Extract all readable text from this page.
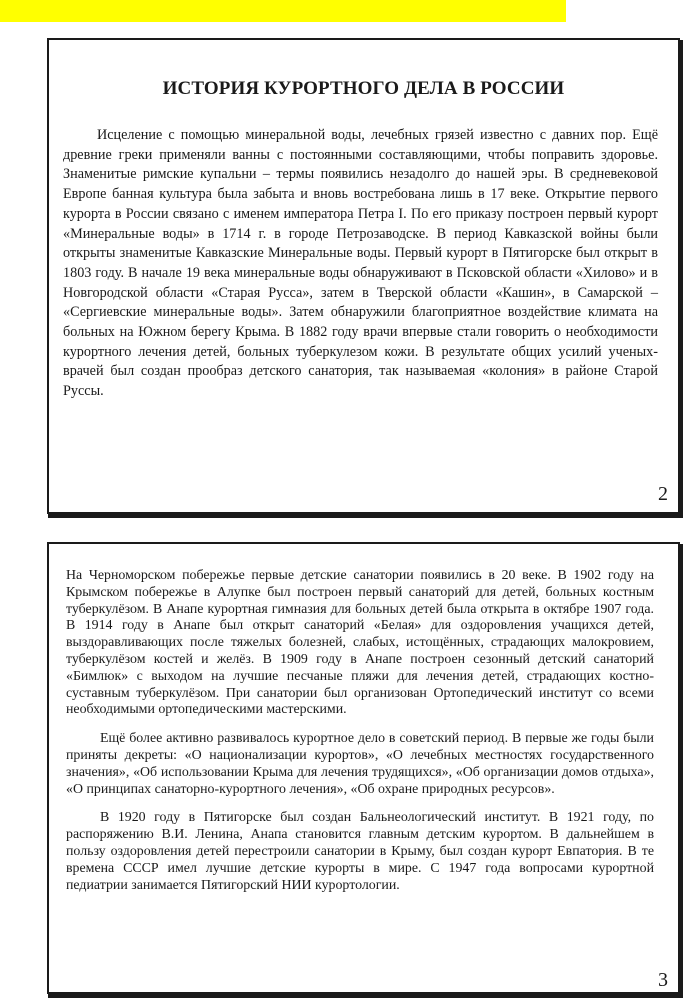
ИСТОРИЯ КУРОРТНОГО ДЕЛА В РОССИИ

Исцеление с помощью минеральной воды, лечебных грязей известно с давних пор. Ещё древние греки применяли ванны с постоянными составляющими, чтобы поправить здоровье. Знаменитые римские купальни – термы появились незадолго до нашей эры. В средневековой Европе банная культура была забыта и вновь востребована лишь в 17 веке. Открытие первого курорта в России связано с именем императора Петра I. По его приказу построен первый курорт «Минеральные воды» в 1714 г. в городе Петрозаводске. В период Кавказской войны были открыты знаменитые Кавказские Минеральные воды. Первый курорт в Пятигорске был открыт в 1803 году. В начале 19 века минеральные воды обнаруживают в Псковской области «Хилово» и в Новгородской области «Старая Русса», затем в Тверской области «Кашин», в Самарской – «Сергиевские минеральные воды». Затем обнаружили благоприятное воздействие климата на больных на Южном берегу Крыма. В 1882 году врачи впервые стали говорить о необходимости курортного лечения детей, больных туберкулезом кожи. В результате общих усилий ученых-врачей был создан прообраз детского санатория, так называемая «колония» в районе Старой Руссы.

2

На Черноморском побережье первые детские санатории появились в 20 веке. В 1902 году на Крымском побережье в Алупке был построен первый санаторий для детей, больных костным туберкулёзом. В Анапе курортная гимназия для больных детей была открыта в октябре 1907 года. В 1914 году в Анапе был открыт санаторий «Белая» для оздоровления учащихся детей, выздоравливающих после тяжелых болезней, слабых, истощённых, страдающих малокровием, туберкулёзом костей и желёз. В 1909 году в Анапе построен сезонный детский санаторий «Бимлюк» с выходом на лучшие песчаные пляжи для лечения детей, страдающих костно-суставным туберкулёзом. При санатории был организован Ортопедический институт со всеми необходимыми ортопедическими мастерскими.

Ещё более активно развивалось курортное дело в советский период. В первые же годы были приняты декреты: «О национализации курортов», «О лечебных местностях государственного значения», «Об использовании Крыма для лечения трудящихся», «Об организации домов отдыха», «О принципах санаторно-курортного лечения», «Об охране природных ресурсов».

В 1920 году в Пятигорске был создан Бальнеологический институт. В 1921 году, по распоряжению В.И. Ленина, Анапа становится главным детским курортом. В дальнейшем в пользу оздоровления детей перестроили санатории в Крыму, был создан курорт Евпатория. В те времена СССР имел лучшие детские курорты в мире. С 1947 года вопросами курортной педиатрии занимается Пятигорский НИИ курортологии.

3
